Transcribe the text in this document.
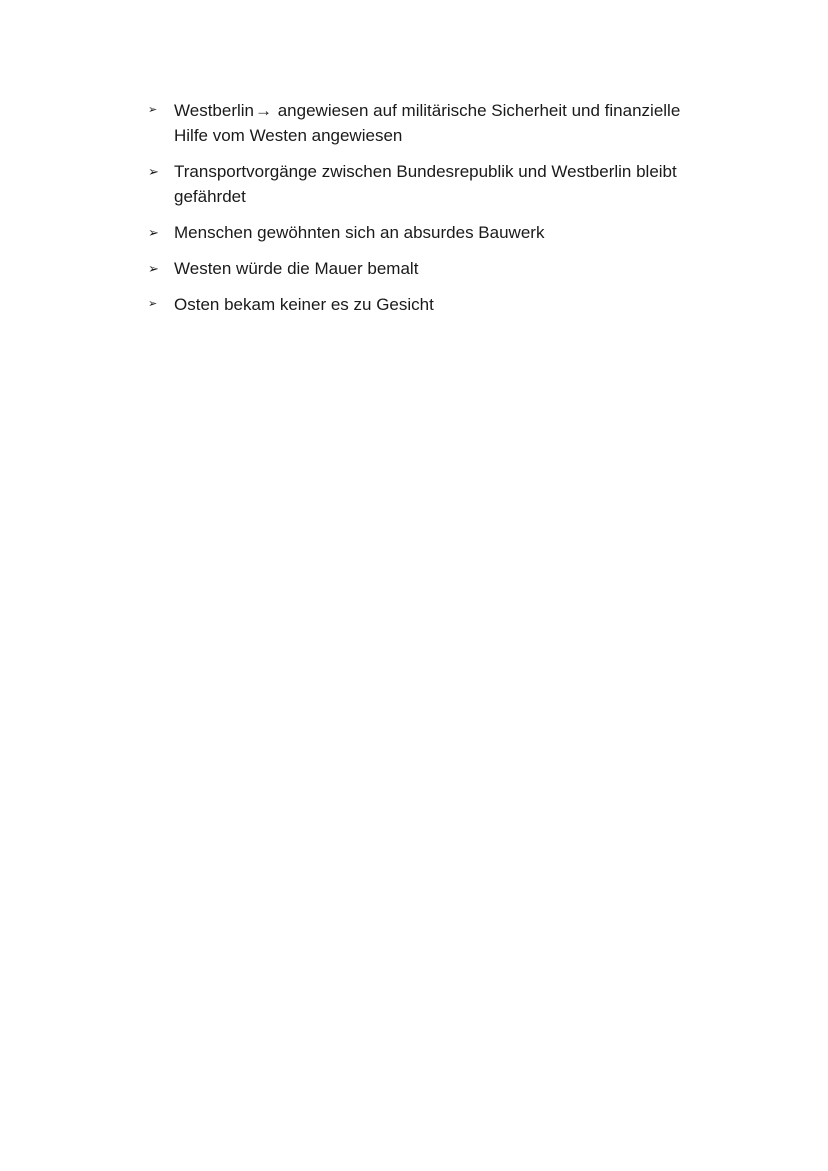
➢ Westberlin→ angewiesen auf militärische Sicherheit und finanzielle Hilfe vom Westen angewiesen
➢ Transportvorgänge zwischen Bundesrepublik und Westberlin bleibt gefährdet
➢ Menschen gewöhnten sich an absurdes Bauwerk
➢ Westen würde die Mauer bemalt
➢ Osten bekam keiner es zu Gesicht
